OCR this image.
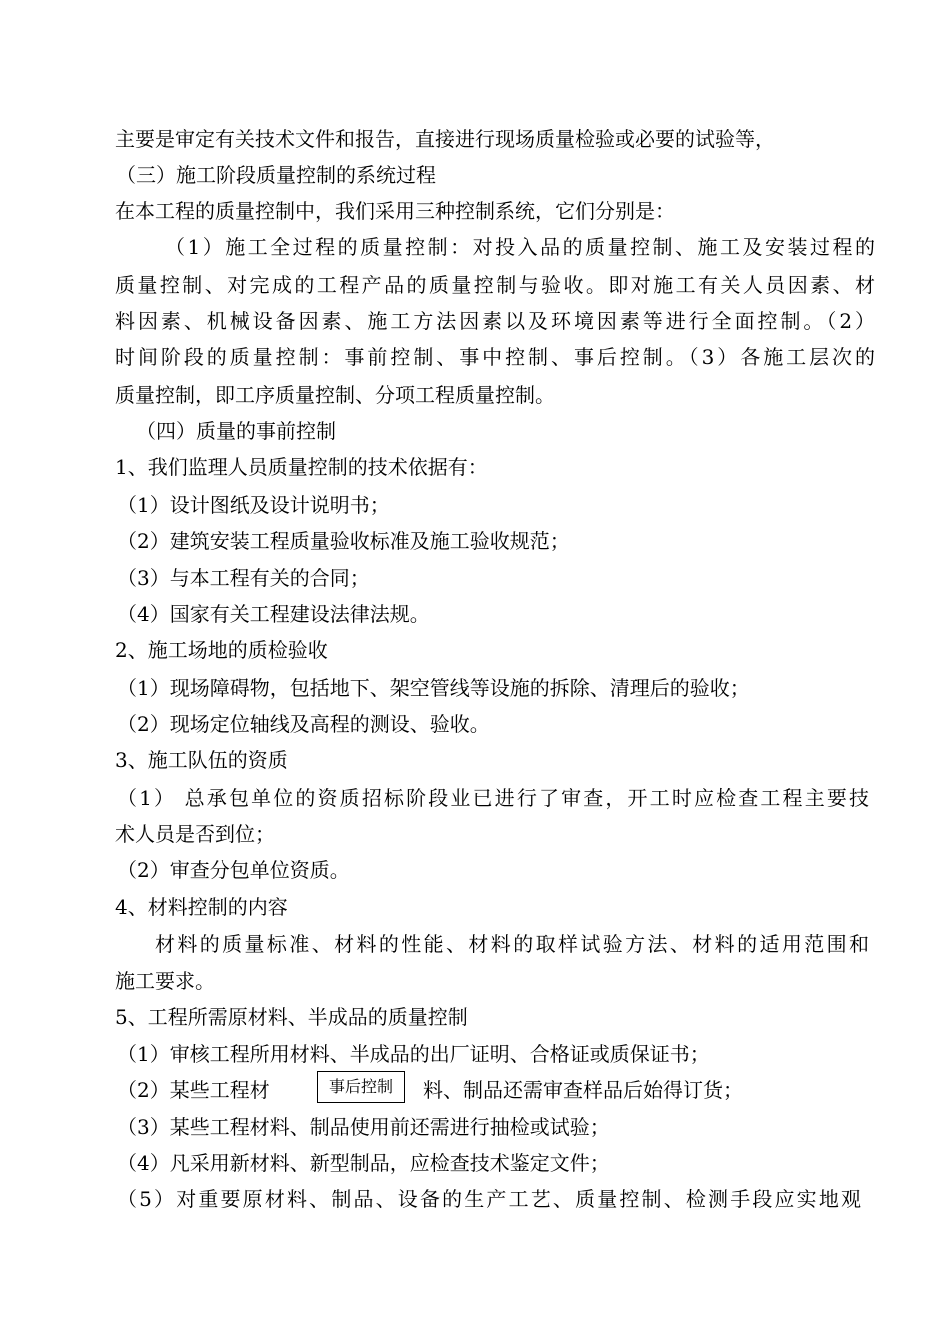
主要是审定有关技术文件和报告，直接进行现场质量检验或必要的试验等，
（三）施工阶段质量控制的系统过程
在本工程的质量控制中，我们采用三种控制系统，它们分别是：
（1）施工全过程的质量控制：对投入品的质量控制、施工及安装过程的
质量控制、对完成的工程产品的质量控制与验收。即对施工有关人员因素、材
料因素、机械设备因素、施工方法因素以及环境因素等进行全面控制。（2）
时间阶段的质量控制：事前控制、事中控制、事后控制。（3）各施工层次的
质量控制，即工序质量控制、分项工程质量控制。
（四）质量的事前控制
1、我们监理人员质量控制的技术依据有：
（1）设计图纸及设计说明书；
（2）建筑安装工程质量验收标准及施工验收规范；
（3）与本工程有关的合同；
（4）国家有关工程建设法律法规。
2、施工场地的质检验收
（1）现场障碍物，包括地下、架空管线等设施的拆除、清理后的验收；
（2）现场定位轴线及高程的测设、验收。
3、施工队伍的资质
（1） 总承包单位的资质招标阶段业已进行了审查，开工时应检查工程主要技
术人员是否到位；
（2）审查分包单位资质。
4、材料控制的内容
材料的质量标准、材料的性能、材料的取样试验方法、材料的适用范围和
施工要求。
5、工程所需原材料、半成品的质量控制
（1）审核工程所用材料、半成品的出厂证明、合格证或质保证书；
（2）某些工程材	事后控制	料、制品还需审查样品后始得订货；
（3）某些工程材料、制品使用前还需进行抽检或试验；
（4）凡采用新材料、新型制品，应检查技术鉴定文件；
（5）对重要原材料、制品、设备的生产工艺、质量控制、检测手段应实地观
